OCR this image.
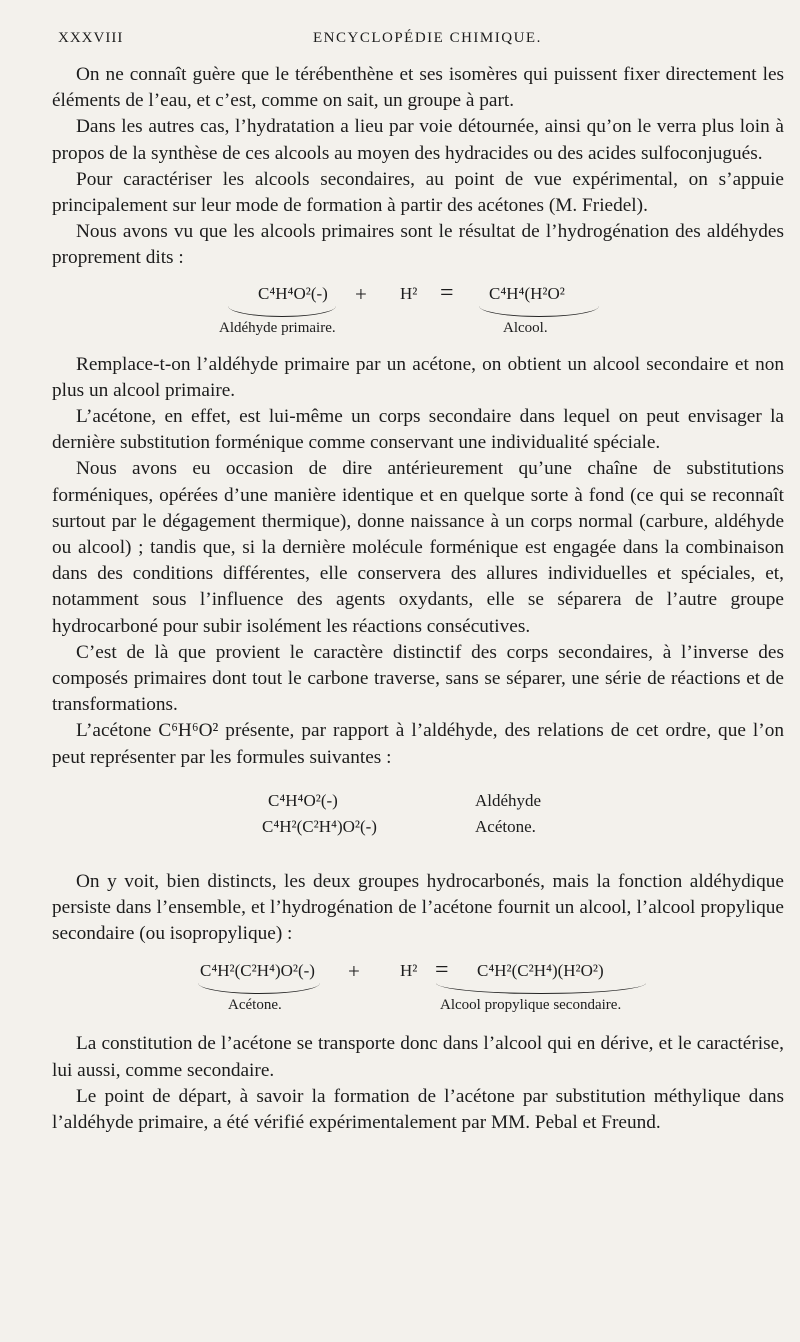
XXXVIII	ENCYCLOPÉDIE CHIMIQUE.

On ne connaît guère que le térébenthène et ses isomères qui puissent fixer directement les éléments de l’eau, et c’est, comme on sait, un groupe à part.

Dans les autres cas, l’hydratation a lieu par voie détournée, ainsi qu’on le verra plus loin à propos de la synthèse de ces alcools au moyen des hydracides ou des acides sulfoconjugués.

Pour caractériser les alcools secondaires, au point de vue expérimental, on s’appuie principalement sur leur mode de formation à partir des acétones (M. Friedel).

Nous avons vu que les alcools primaires sont le résultat de l’hydrogénation des aldéhydes proprement dits :

C⁴H⁴O²(-) + H² = C⁴H⁴(H²O²
Aldéhyde primaire.	Alcool.

Remplace-t-on l’aldéhyde primaire par un acétone, on obtient un alcool secondaire et non plus un alcool primaire.

L’acétone, en effet, est lui-même un corps secondaire dans lequel on peut envisager la dernière substitution forménique comme conservant une individualité spéciale.

Nous avons eu occasion de dire antérieurement qu’une chaîne de substitutions forméniques, opérées d’une manière identique et en quelque sorte à fond (ce qui se reconnaît surtout par le dégagement thermique), donne naissance à un corps normal (carbure, aldéhyde ou alcool) ; tandis que, si la dernière molécule forménique est engagée dans la combinaison dans des conditions différentes, elle conservera des allures individuelles et spéciales, et, notamment sous l’influence des agents oxydants, elle se séparera de l’autre groupe hydrocarboné pour subir isolément les réactions consécutives.

C’est de là que provient le caractère distinctif des corps secondaires, à l’inverse des composés primaires dont tout le carbone traverse, sans se séparer, une série de réactions et de transformations.

L’acétone C⁶H⁶O² présente, par rapport à l’aldéhyde, des relations de cet ordre, que l’on peut représenter par les formules suivantes :

C⁴H⁴O²(-)	Aldéhyde
C⁴H²(C²H⁴)O²(-)	Acétone.

On y voit, bien distincts, les deux groupes hydrocarbonés, mais la fonction aldéhydique persiste dans l’ensemble, et l’hydrogénation de l’acétone fournit un alcool, l’alcool propylique secondaire (ou isopropylique) :

C⁴H²(C²H⁴)O²(-) + H² = C⁴H²(C²H⁴)(H²O²)
Acétone.	Alcool propylique secondaire.

La constitution de l’acétone se transporte donc dans l’alcool qui en dérive, et le caractérise, lui aussi, comme secondaire.

Le point de départ, à savoir la formation de l’acétone par substitution méthylique dans l’aldéhyde primaire, a été vérifié expérimentalement par MM. Pebal et Freund.
